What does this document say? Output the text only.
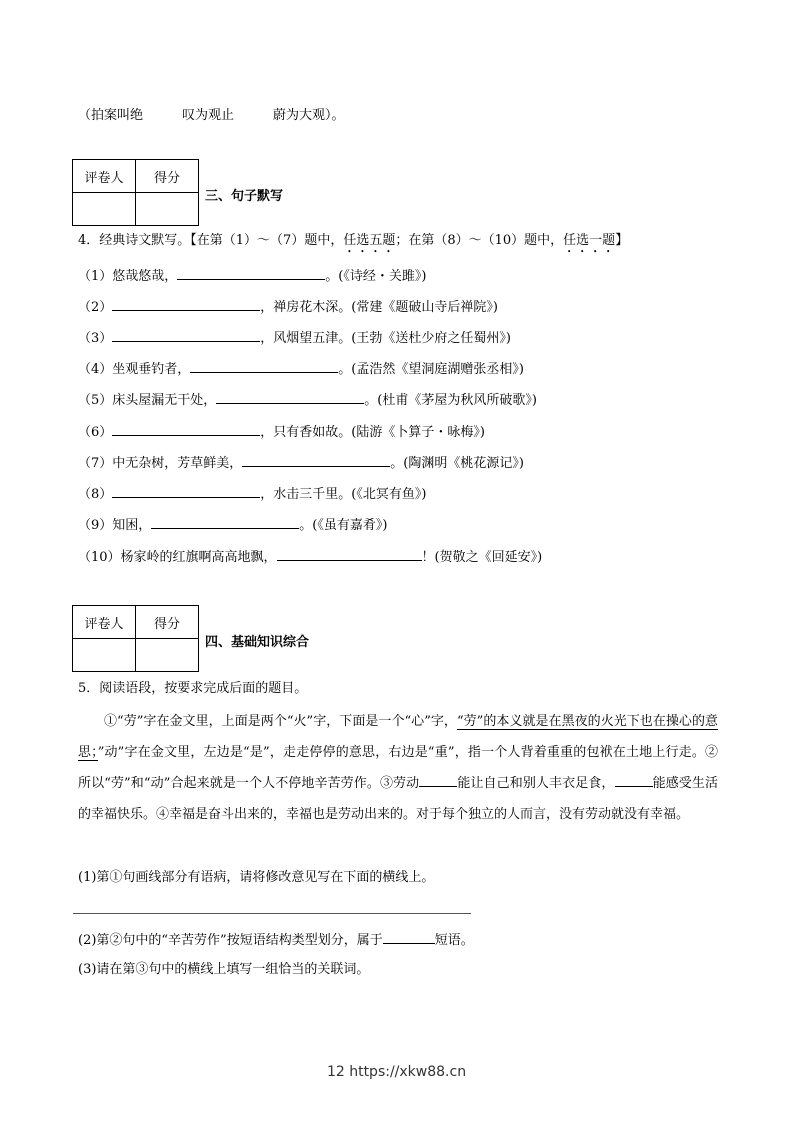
（拍案叫绝　　　叹为观止　　　蔚为大观）。
评卷人	得分

三、句子默写
4．经典诗文默写。【在第（1）～（7）题中，任选五题；在第（8）～（10）题中，任选一题】
（1）悠哉悠哉，	。(《诗经・关雎》)
（2）	，禅房花木深。(常建《题破山寺后禅院》)
（3）	，风烟望五津。(王勃《送杜少府之任蜀州》)
（4）坐观垂钓者，	。(孟浩然《望洞庭湖赠张丞相》)
（5）床头屋漏无干处，	。(杜甫《茅屋为秋风所破歌》)
（6）	，只有香如故。(陆游《卜算子・咏梅》)
（7）中无杂树，芳草鲜美，	。(陶渊明《桃花源记》)
（8）	，水击三千里。(《北冥有鱼》)
（9）知困，	。(《虽有嘉肴》)
（10）杨家岭的红旗啊高高地飘，	！(贺敬之《回延安》)
评卷人	得分

四、基础知识综合
5．阅读语段，按要求完成后面的题目。
①“劳”字在金文里，上面是两个“火”字，下面是一个“心”字，“劳”的本义就是在黑夜的火光下也在操心的意思；”动”字在金文里，左边是“是”，走走停停的意思，右边是“重”，指一个人背着重重的包袱在土地上行走。②所以“劳”和“动”合起来就是一个人不停地辛苦劳作。③劳动	能让自己和别人丰衣足食，	能感受生活的幸福快乐。④幸福是奋斗出来的，幸福也是劳动出来的。对于每个独立的人而言，没有劳动就没有幸福。
(1)第①句画线部分有语病，请将修改意见写在下面的横线上。
(2)第②句中的“辛苦劳作”按短语结构类型划分，属于	短语。
(3)请在第③句中的横线上填写一组恰当的关联词。
12 https://xkw88.cn
